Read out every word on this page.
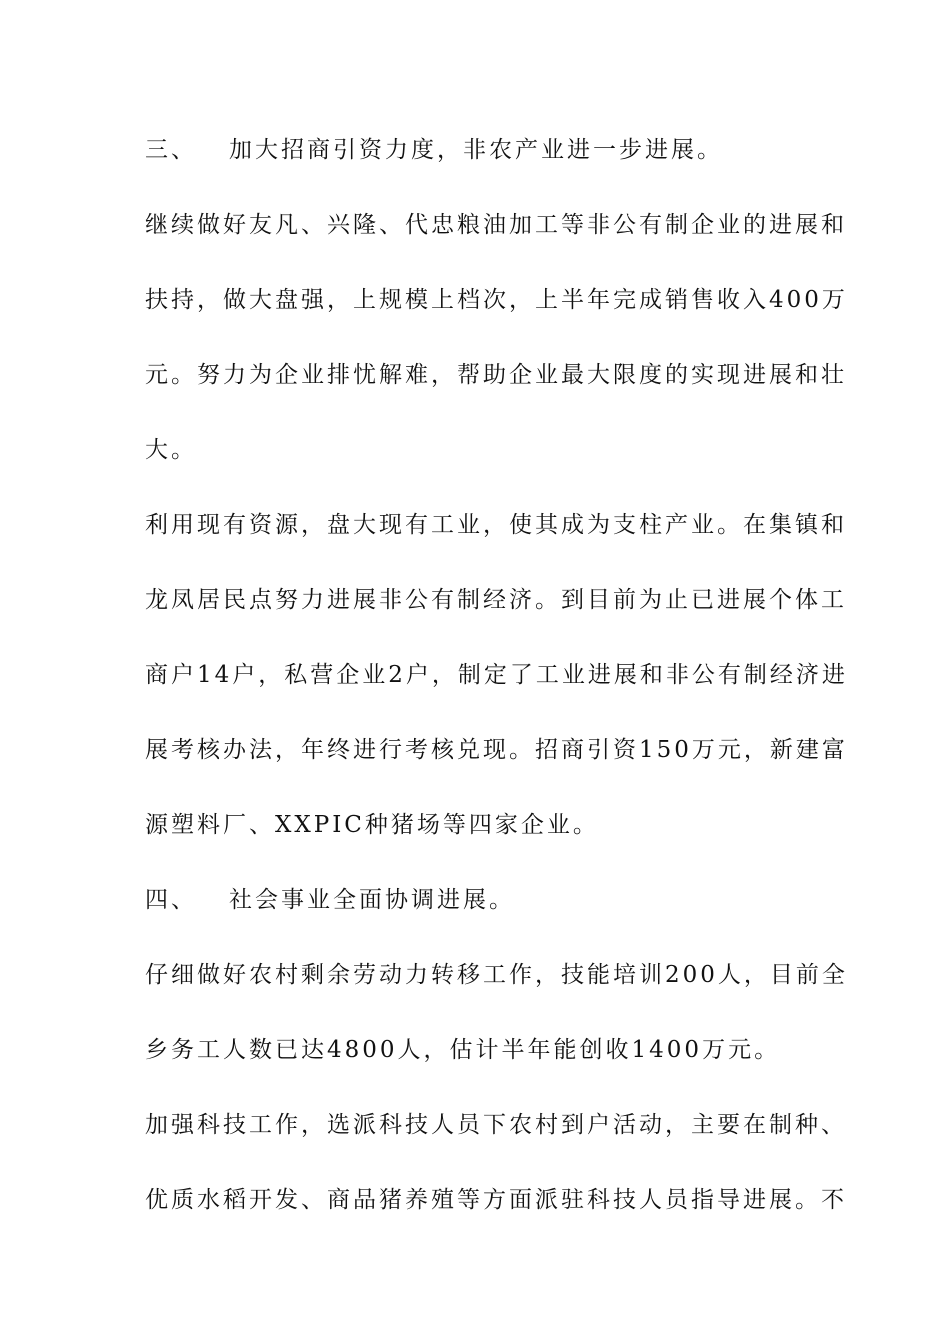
三、 加大招商引资力度，非农产业进一步进展。
继续做好友凡、兴隆、代忠粮油加工等非公有制企业的进展和
扶持，做大盘强，上规模上档次，上半年完成销售收入400万
元。努力为企业排忧解难，帮助企业最大限度的实现进展和壮
大。
利用现有资源，盘大现有工业，使其成为支柱产业。在集镇和
龙凤居民点努力进展非公有制经济。到目前为止已进展个体工
商户14户，私营企业2户，制定了工业进展和非公有制经济进
展考核办法，年终进行考核兑现。招商引资150万元，新建富
源塑料厂、XXPIC种猪场等四家企业。
四、 社会事业全面协调进展。
仔细做好农村剩余劳动力转移工作，技能培训200人，目前全
乡务工人数已达4800人，估计半年能创收1400万元。
加强科技工作，选派科技人员下农村到户活动，主要在制种、
优质水稻开发、商品猪养殖等方面派驻科技人员指导进展。不
